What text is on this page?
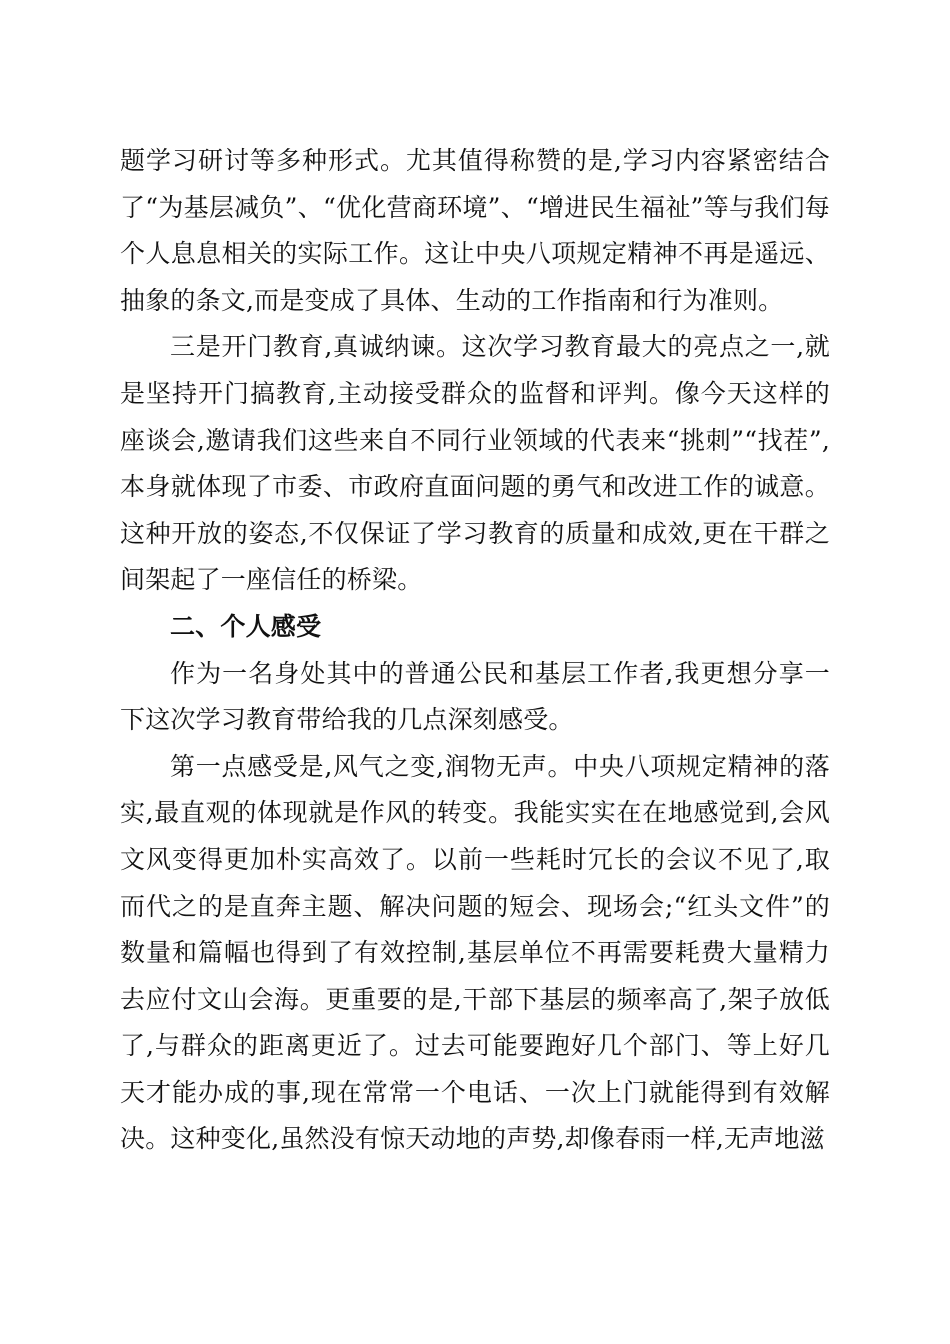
题学习研讨等多种形式。尤其值得称赞的是,学习内容紧密结合了“为基层减负”、“优化营商环境”、“增进民生福祉”等与我们每个人息息相关的实际工作。这让中央八项规定精神不再是遥远、抽象的条文,而是变成了具体、生动的工作指南和行为准则。

三是开门教育,真诚纳谏。这次学习教育最大的亮点之一,就是坚持开门搞教育,主动接受群众的监督和评判。像今天这样的座谈会,邀请我们这些来自不同行业领域的代表来“挑刺”“找茬”,本身就体现了市委、市政府直面问题的勇气和改进工作的诚意。这种开放的姿态,不仅保证了学习教育的质量和成效,更在干群之间架起了一座信任的桥梁。

二、个人感受

作为一名身处其中的普通公民和基层工作者,我更想分享一下这次学习教育带给我的几点深刻感受。

第一点感受是,风气之变,润物无声。中央八项规定精神的落实,最直观的体现就是作风的转变。我能实实在在地感觉到,会风文风变得更加朴实高效了。以前一些耗时冗长的会议不见了,取而代之的是直奔主题、解决问题的短会、现场会;“红头文件”的数量和篇幅也得到了有效控制,基层单位不再需要耗费大量精力去应付文山会海。更重要的是,干部下基层的频率高了,架子放低了,与群众的距离更近了。过去可能要跑好几个部门、等上好几天才能办成的事,现在常常一个电话、一次上门就能得到有效解决。这种变化,虽然没有惊天动地的声势,却像春雨一样,无声地滋
